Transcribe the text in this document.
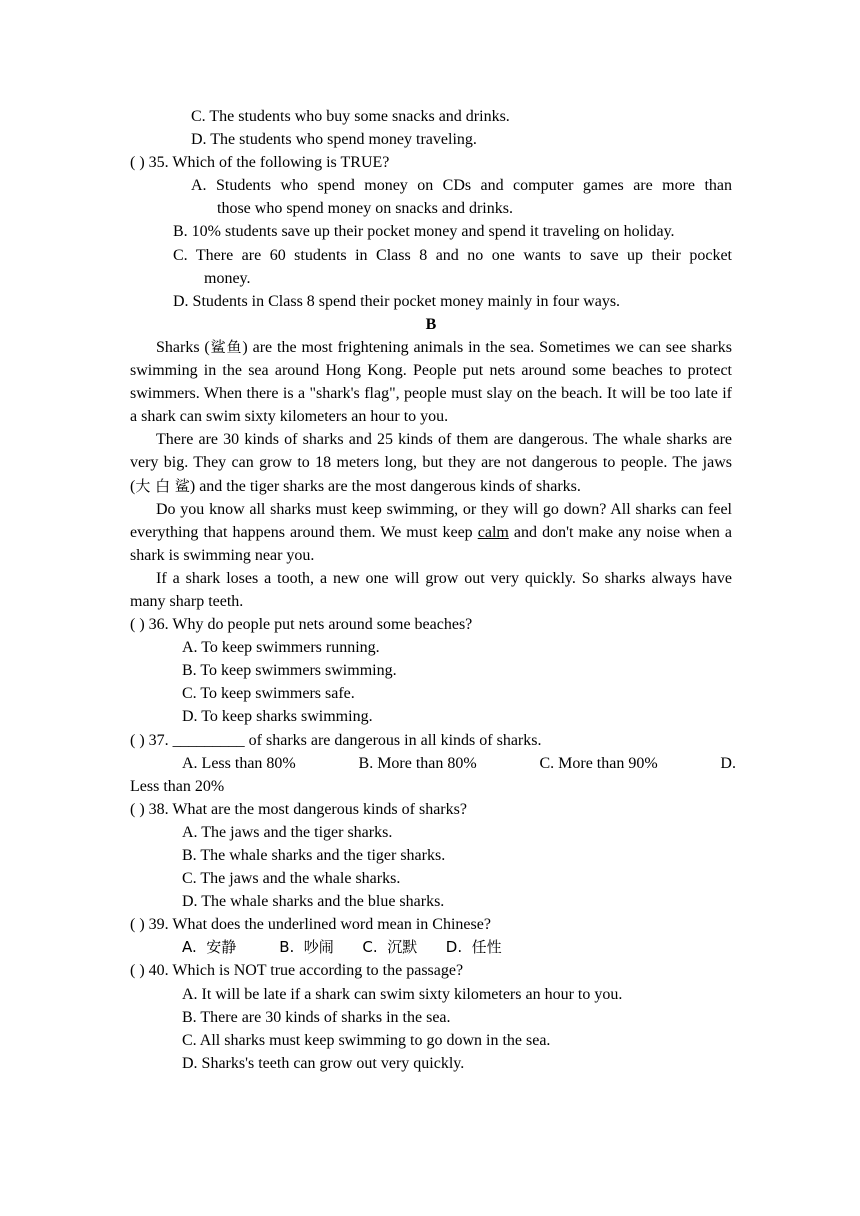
C. The students who buy some snacks and drinks.
D. The students who spend money traveling.
( ) 35. Which of the following is TRUE?
A. Students who spend money on CDs and computer games are more than
those who spend money on snacks and drinks.
B. 10% students save up their pocket money and spend it traveling on holiday.
C. There are 60 students in Class 8 and no one wants to save up their pocket
money.
D. Students in Class 8 spend their pocket money mainly in four ways.
B
Sharks (鲨鱼) are the most frightening animals in the sea. Sometimes we can see sharks swimming in the sea around Hong Kong. People put nets around some beaches to protect swimmers. When there is a "shark's flag", people must slay on the beach. It will be too late if a shark can swim sixty kilometers an hour to you.
There are 30 kinds of sharks and 25 kinds of them are dangerous. The whale sharks are very big. They can grow to 18 meters long, but they are not dangerous to people. The jaws (大 白 鲨) and the tiger sharks are the most dangerous kinds of sharks.
Do you know all sharks must keep swimming, or they will go down? All sharks can feel everything that happens around them. We must keep calm and don't make any noise when a shark is swimming near you.
If a shark loses a tooth, a new one will grow out very quickly. So sharks always have many sharp teeth.
( ) 36. Why do people put nets around some beaches?
A. To keep swimmers running.
B. To keep swimmers swimming.
C. To keep swimmers safe.
D. To keep sharks swimming.
( ) 37. _________ of sharks are dangerous in all kinds of sharks.
A. Less than 80%	B. More than 80%	C. More than 90%	D.
Less than 20%
( ) 38. What are the most dangerous kinds of sharks?
A. The jaws and the tiger sharks.
B. The whale sharks and the tiger sharks.
C. The jaws and the whale sharks.
D. The whale sharks and the blue sharks.
( ) 39. What does the underlined word mean in Chinese?
A.  安静         B.  吵闹      C.  沉默      D.  任性
( ) 40. Which is NOT true according to the passage?
A. It will be late if a shark can swim sixty kilometers an hour to you.
B. There are 30 kinds of sharks in the sea.
C. All sharks must keep swimming to go down in the sea.
D. Sharks's teeth can grow out very quickly.
